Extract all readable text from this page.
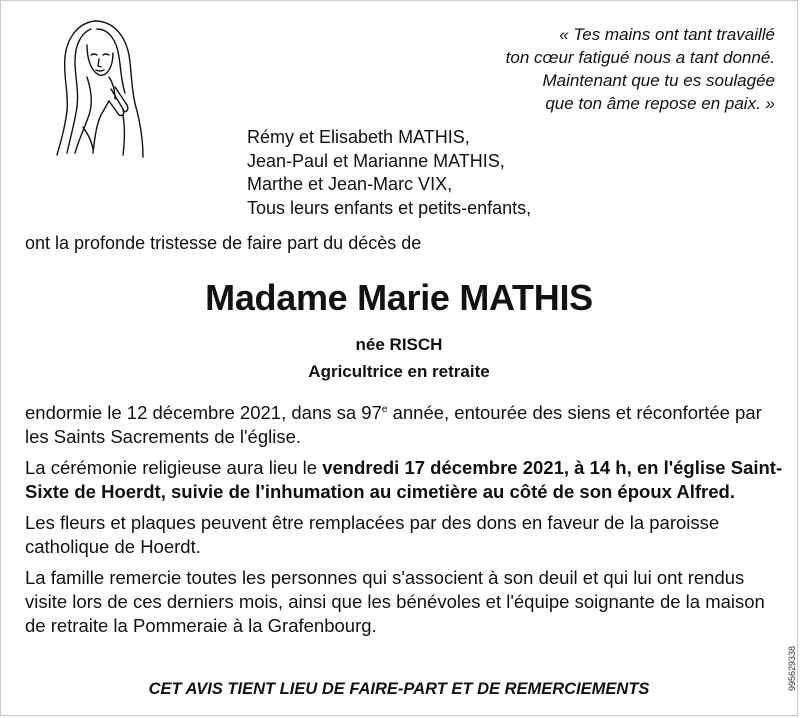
« Tes mains ont tant travaillé
ton cœur fatigué nous a tant donné.
Maintenant que tu es soulagée
que ton âme repose en paix. »
Rémy et Elisabeth MATHIS,
Jean-Paul et Marianne MATHIS,
Marthe et Jean-Marc VIX,
Tous leurs enfants et petits-enfants,
ont la profonde tristesse de faire part du décès de
Madame Marie MATHIS
née RISCH
Agricultrice en retraite

endormie le 12 décembre 2021, dans sa 97e année, entourée des siens et réconfortée par les Saints Sacrements de l'église.

La cérémonie religieuse aura lieu le vendredi 17 décembre 2021, à 14 h, en l'église Saint-Sixte de Hoerdt, suivie de l'inhumation au cimetière au côté de son époux Alfred.

Les fleurs et plaques peuvent être remplacées par des dons en faveur de la paroisse catholique de Hoerdt.

La famille remercie toutes les personnes qui s'associent à son deuil et qui lui ont rendus visite lors de ces derniers mois, ainsi que les bénévoles et l'équipe soignante de la maison de retraite la Pommeraie à la Grafenbourg.

CET AVIS TIENT LIEU DE FAIRE-PART ET DE REMERCIEMENTS	995629338
